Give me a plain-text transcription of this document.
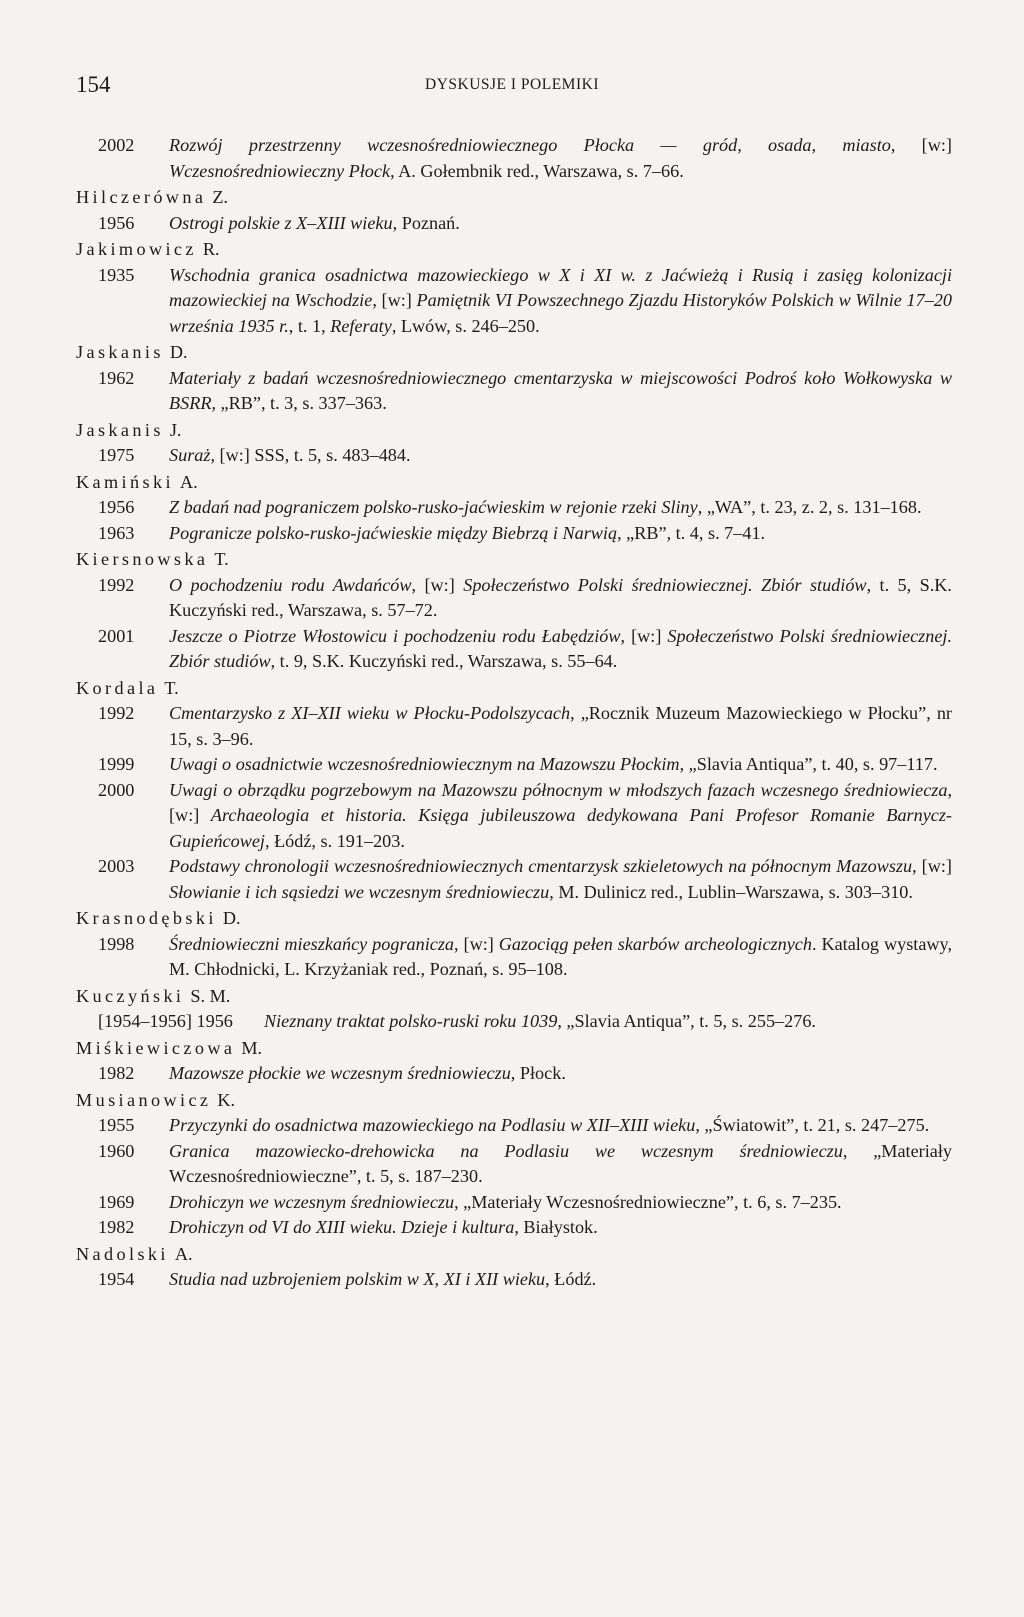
154	DYSKUSJE I POLEMIKI
2002	Rozwój przestrzenny wczesnośredniowiecznego Płocka — gród, osada, miasto, [w:] Wczesnośredniowieczny Płock, A. Gołembnik red., Warszawa, s. 7–66.
Hilczerówna Z.
1956	Ostrogi polskie z X–XIII wieku, Poznań.
Jakimowicz R.
1935	Wschodnia granica osadnictwa mazowieckiego w X i XI w. z Jaćwieżą i Rusią i zasięg kolonizacji mazowieckiej na Wschodzie, [w:] Pamiętnik VI Powszechnego Zjazdu Historyków Polskich w Wilnie 17–20 września 1935 r., t. 1, Referaty, Lwów, s. 246–250.
Jaskanis D.
1962	Materiały z badań wczesnośredniowiecznego cmentarzyska w miejscowości Podroś koło Wołkowyska w BSRR, „RB”, t. 3, s. 337–363.
Jaskanis J.
1975	Suraż, [w:] SSS, t. 5, s. 483–484.
Kamiński A.
1956	Z badań nad pograniczem polsko-rusko-jaćwieskim w rejonie rzeki Sliny, „WA”, t. 23, z. 2, s. 131–168.
1963	Pogranicze polsko-rusko-jaćwieskie między Biebrzą i Narwią, „RB”, t. 4, s. 7–41.
Kiersnowska T.
1992	O pochodzeniu rodu Awdańców, [w:] Społeczeństwo Polski średniowiecznej. Zbiór studiów, t. 5, S.K. Kuczyński red., Warszawa, s. 57–72.
2001	Jeszcze o Piotrze Włostowicu i pochodzeniu rodu Łabędziów, [w:] Społeczeństwo Polski średniowiecznej. Zbiór studiów, t. 9, S.K. Kuczyński red., Warszawa, s. 55–64.
Kordala T.
1992	Cmentarzysko z XI–XII wieku w Płocku-Podolszycach, „Rocznik Muzeum Mazowieckiego w Płocku”, nr 15, s. 3–96.
1999	Uwagi o osadnictwie wczesnośredniowiecznym na Mazowszu Płockim, „Slavia Antiqua”, t. 40, s. 97–117.
2000	Uwagi o obrządku pogrzebowym na Mazowszu północnym w młodszych fazach wczesnego średniowiecza, [w:] Archaeologia et historia. Księga jubileuszowa dedykowana Pani Profesor Romanie Barnycz-Gupieńcowej, Łódź, s. 191–203.
2003	Podstawy chronologii wczesnośredniowiecznych cmentarzysk szkieletowych na północnym Mazowszu, [w:] Słowianie i ich sąsiedzi we wczesnym średniowieczu, M. Dulinicz red., Lublin–Warszawa, s. 303–310.
Krasnodębski D.
1998	Średniowieczni mieszkańcy pogranicza, [w:] Gazociąg pełen skarbów archeologicznych. Katalog wystawy, M. Chłodnicki, L. Krzyżaniak red., Poznań, s. 95–108.
Kuczyński S. M.
[1954–1956] 1956	Nieznany traktat polsko-ruski roku 1039, „Slavia Antiqua”, t. 5, s. 255–276.
Miśkiewiczowa M.
1982	Mazowsze płockie we wczesnym średniowieczu, Płock.
Musianowicz K.
1955	Przyczynki do osadnictwa mazowieckiego na Podlasiu w XII–XIII wieku, „Światowit”, t. 21, s. 247–275.
1960	Granica mazowiecko-drehowicka na Podlasiu we wczesnym średniowieczu, „Materiały Wczesnośredniowieczne”, t. 5, s. 187–230.
1969	Drohiczyn we wczesnym średniowieczu, „Materiały Wczesnośredniowieczne”, t. 6, s. 7–235.
1982	Drohiczyn od VI do XIII wieku. Dzieje i kultura, Białystok.
Nadolski A.
1954	Studia nad uzbrojeniem polskim w X, XI i XII wieku, Łódź.
